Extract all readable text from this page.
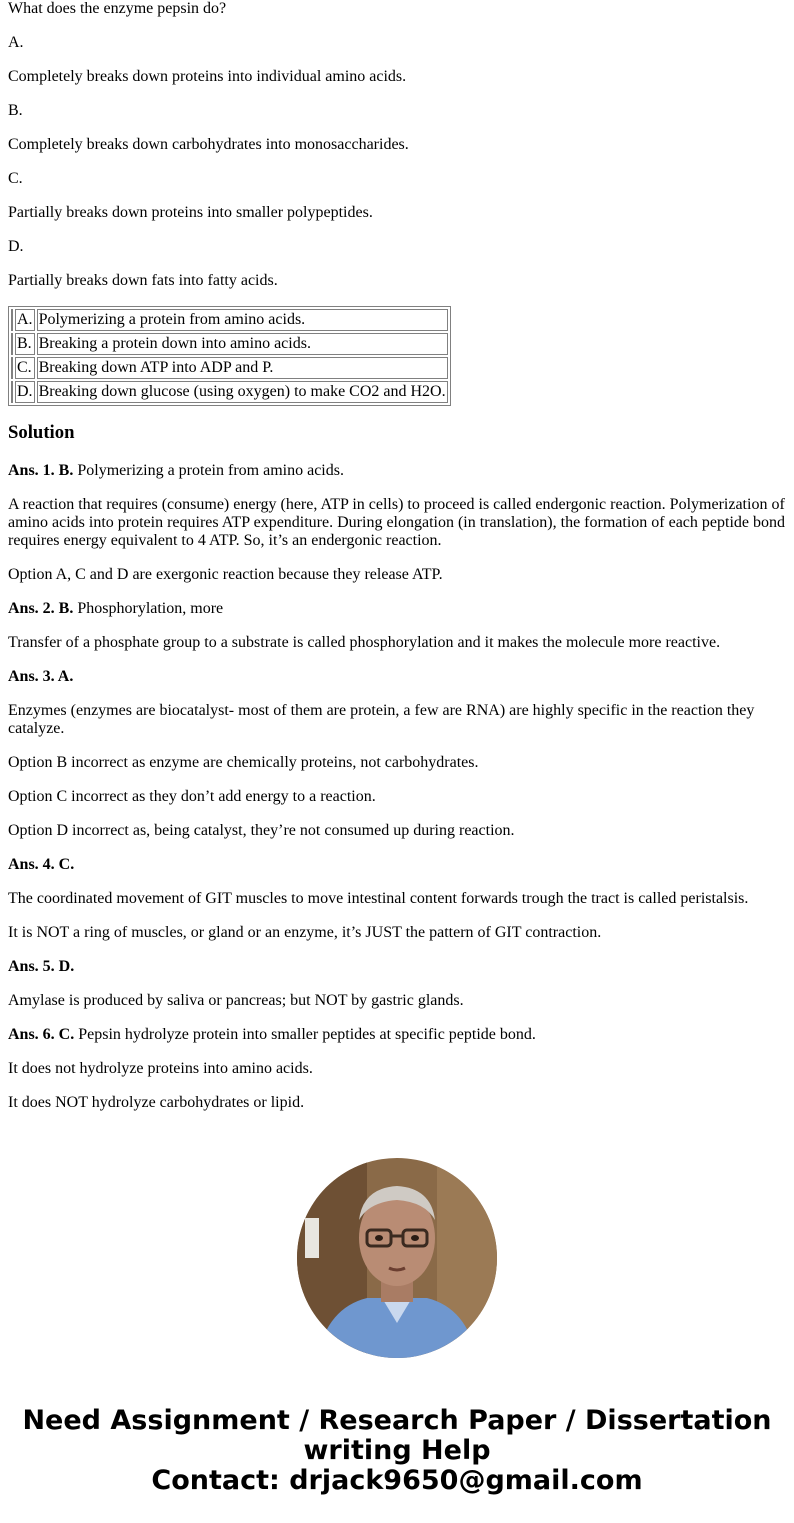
What does the enzyme pepsin do?

A.

Completely breaks down proteins into individual amino acids.

B.

Completely breaks down carbohydrates into monosaccharides.

C.

Partially breaks down proteins into smaller polypeptides.

D.

Partially breaks down fats into fatty acids.

	A.	Polymerizing a protein from amino acids.
	B.	Breaking a protein down into amino acids.
	C.	Breaking down ATP into ADP and P.
	D.	Breaking down glucose (using oxygen) to make CO2 and H2O.
Solution

Ans. 1. B. Polymerizing a protein from amino acids.

A reaction that requires (consume) energy (here, ATP in cells) to proceed is called endergonic reaction. Polymerization of amino acids into protein requires ATP expenditure. During elongation (in translation), the formation of each peptide bond requires energy equivalent to 4 ATP. So, it’s an endergonic reaction.

Option A, C and D are exergonic reaction because they release ATP.

Ans. 2. B. Phosphorylation, more

Transfer of a phosphate group to a substrate is called phosphorylation and it makes the molecule more reactive.

Ans. 3. A.

Enzymes (enzymes are biocatalyst- most of them are protein, a few are RNA) are highly specific in the reaction they catalyze.

Option B incorrect as enzyme are chemically proteins, not carbohydrates.

Option C incorrect as they don’t add energy to a reaction.

Option D incorrect as, being catalyst, they’re not consumed up during reaction.

Ans. 4. C.

The coordinated movement of GIT muscles to move intestinal content forwards trough the tract is called peristalsis.

It is NOT a ring of muscles, or gland or an enzyme, it’s JUST the pattern of GIT contraction.

Ans. 5. D.

Amylase is produced by saliva or pancreas; but NOT by gastric glands.

Ans. 6. C. Pepsin hydrolyze protein into smaller peptides at specific peptide bond.

It does not hydrolyze proteins into amino acids.

It does NOT hydrolyze carbohydrates or lipid.

Need Assignment / Research Paper / Dissertation
writing Help
Contact: drjack9650@gmail.com
